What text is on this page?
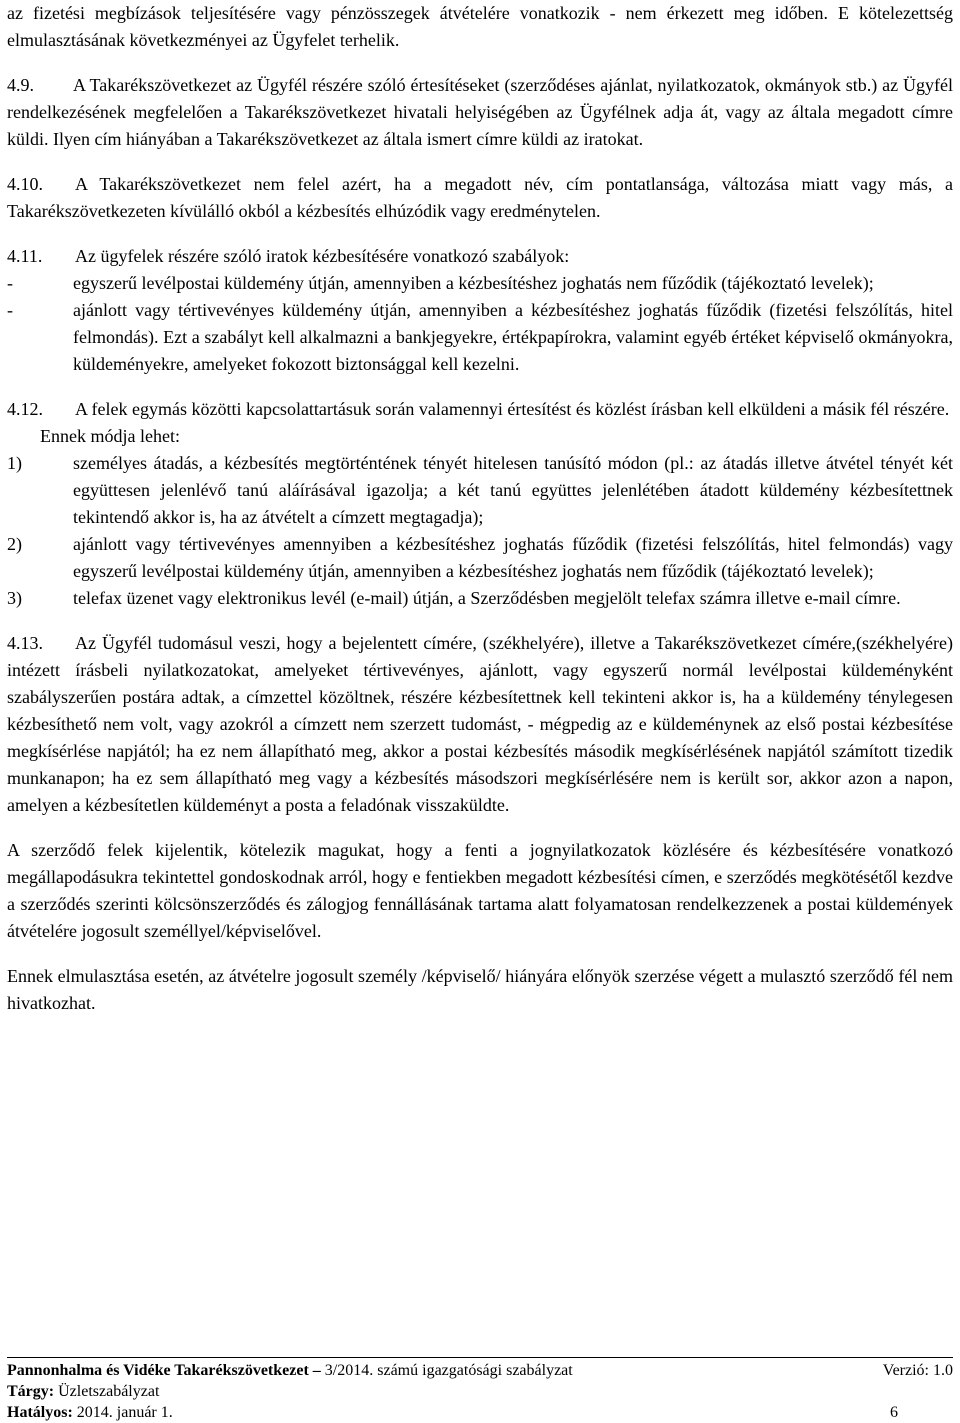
az fizetési megbízások teljesítésére vagy pénzösszegek átvételére vonatkozik - nem érkezett meg időben. E kötelezettség elmulasztásának következményei az Ügyfelet terhelik.

4.9. A Takarékszövetkezet az Ügyfél részére szóló értesítéseket (szerződéses ajánlat, nyilatkozatok, okmányok stb.) az Ügyfél rendelkezésének megfelelően a Takarékszövetkezet hivatali helyiségében az Ügyfélnek adja át, vagy az általa megadott címre küldi. Ilyen cím hiányában a Takarékszövetkezet az általa ismert címre küldi az iratokat.

4.10. A Takarékszövetkezet nem felel azért, ha a megadott név, cím pontatlansága, változása miatt vagy más, a Takarékszövetkezeten kívülálló okból a kézbesítés elhúzódik vagy eredménytelen.

4.11. Az ügyfelek részére szóló iratok kézbesítésére vonatkozó szabályok:

-	egyszerű levélpostai küldemény útján, amennyiben a kézbesítéshez joghatás nem fűződik (tájékoztató levelek);
-	ajánlott vagy tértivevényes küldemény útján, amennyiben a kézbesítéshez joghatás fűződik (fizetési felszólítás, hitel felmondás). Ezt a szabályt kell alkalmazni a bankjegyekre, értékpapírokra, valamint egyéb értéket képviselő okmányokra, küldeményekre, amelyeket fokozott biztonsággal kell kezelni.

4.12. A felek egymás közötti kapcsolattartásuk során valamennyi értesítést és közlést írásban kell elküldeni a másik fél részére.

Ennek módja lehet:

1)	személyes átadás, a kézbesítés megtörténtének tényét hitelesen tanúsító módon (pl.: az átadás illetve átvétel tényét két együttesen jelenlévő tanú aláírásával igazolja; a két tanú együttes jelenlétében átadott küldemény kézbesítettnek tekintendő akkor is, ha az átvételt a címzett megtagadja);
2)	ajánlott vagy tértivevényes amennyiben a kézbesítéshez joghatás fűződik (fizetési felszólítás, hitel felmondás) vagy egyszerű levélpostai küldemény útján, amennyiben a kézbesítéshez joghatás nem fűződik (tájékoztató levelek);
3)	telefax üzenet vagy elektronikus levél (e-mail) útján, a Szerződésben megjelölt telefax számra illetve e-mail címre.

4.13. Az Ügyfél tudomásul veszi, hogy a bejelentett címére, (székhelyére), illetve a Takarékszövetkezet címére,(székhelyére) intézett írásbeli nyilatkozatokat, amelyeket tértivevényes, ajánlott, vagy egyszerű normál levélpostai küldeményként szabályszerűen postára adtak, a címzettel közöltnek, részére kézbesítettnek kell tekinteni akkor is, ha a küldemény ténylegesen kézbesíthető nem volt, vagy azokról a címzett nem szerzett tudomást, - mégpedig az e küldeménynek az első postai kézbesítése megkísérlése napjától; ha ez nem állapítható meg, akkor a postai kézbesítés második megkísérlésének napjától számított tizedik munkanapon; ha ez sem állapítható meg vagy a kézbesítés másodszori megkísérlésére nem is került sor, akkor azon a napon, amelyen a kézbesítetlen küldeményt a posta a feladónak visszaküldte.

A szerződő felek kijelentik, kötelezik magukat, hogy a fenti a jognyilatkozatok közlésére és kézbesítésére vonatkozó megállapodásukra tekintettel gondoskodnak arról, hogy e fentiekben megadott kézbesítési címen, e szerződés megkötésétől kezdve a szerződés szerinti kölcsönszerződés és zálogjog fennállásának tartama alatt folyamatosan rendelkezzenek a postai küldemények átvételére jogosult személlyel/képviselővel.

Ennek elmulasztása esetén, az átvételre jogosult személy /képviselő/ hiányára előnyök szerzése végett a mulasztó szerződő fél nem hivatkozhat.

Pannonhalma és Vidéke Takarékszövetkezet – 3/2014. számú igazgatósági szabályzat	Verzió: 1.0
Tárgy: Üzletszabályzat
Hatályos: 2014. január 1.	6
